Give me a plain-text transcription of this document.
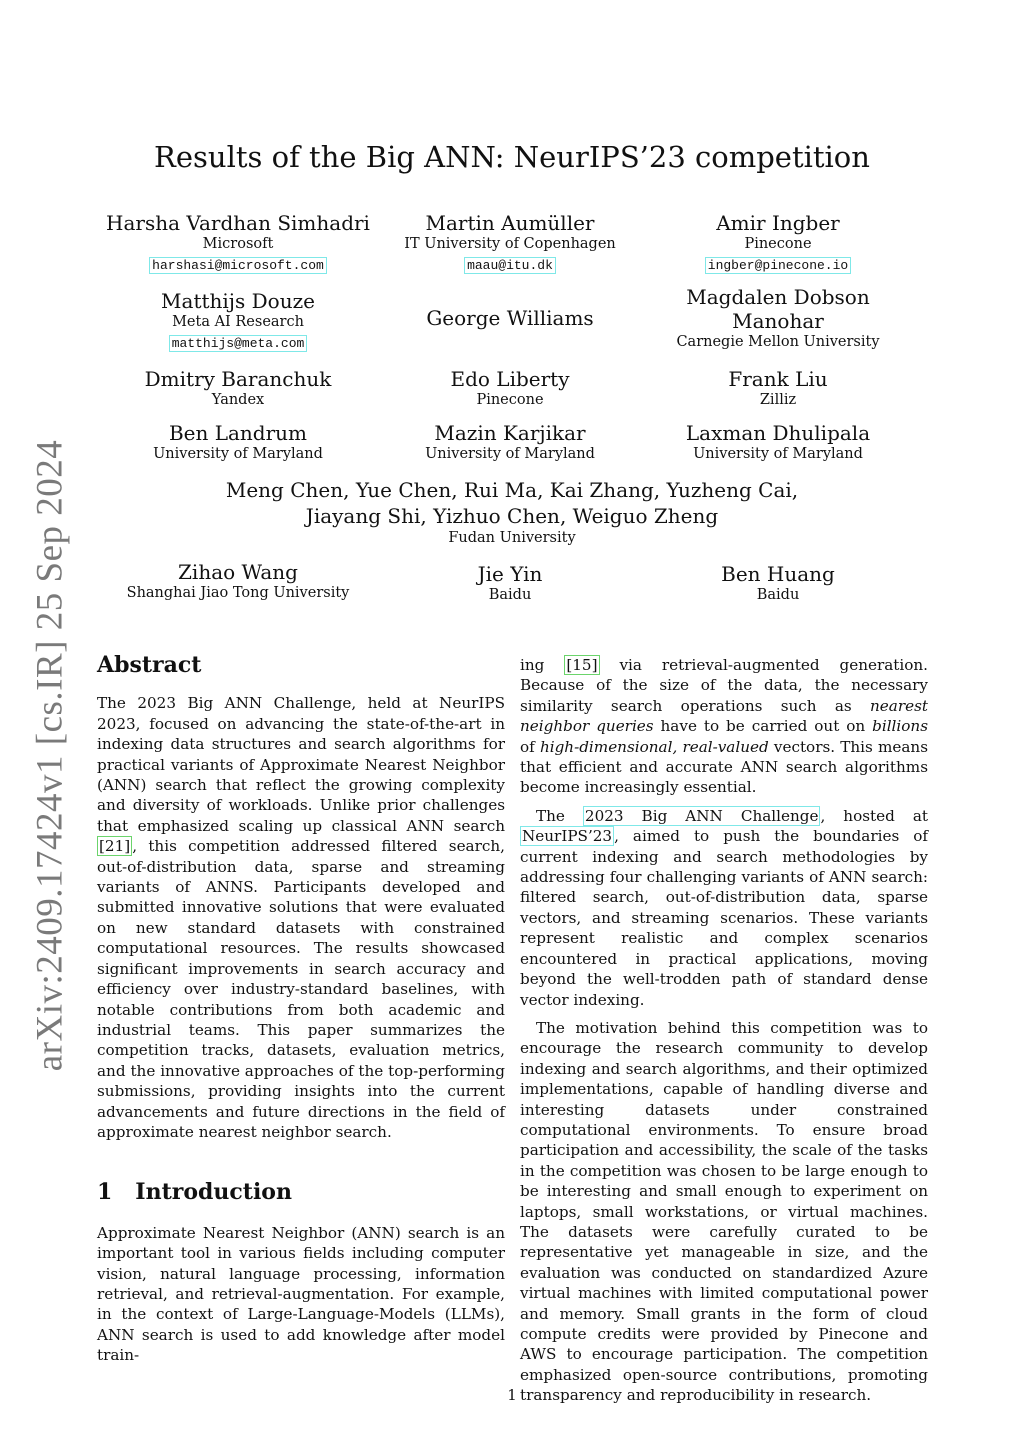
arXiv:2409.17424v1 [cs.IR] 25 Sep 2024
Results of the Big ANN: NeurIPS’23 competition
Harsha Vardhan Simhadri
Microsoft
harshasi@microsoft.com
Martin Aumüller
IT University of Copenhagen
maau@itu.dk
Amir Ingber
Pinecone
ingber@pinecone.io
Matthijs Douze
Meta AI Research
matthijs@meta.com
George Williams
Magdalen Dobson
Manohar
Carnegie Mellon University
Dmitry Baranchuk
Yandex
Edo Liberty
Pinecone
Frank Liu
Zilliz
Ben Landrum
University of Maryland
Mazin Karjikar
University of Maryland
Laxman Dhulipala
University of Maryland
Meng Chen, Yue Chen, Rui Ma, Kai Zhang, Yuzheng Cai,
Jiayang Shi, Yizhuo Chen, Weiguo Zheng
Fudan University
Zihao Wang
Shanghai Jiao Tong University
Jie Yin
Baidu
Ben Huang
Baidu
Abstract

The 2023 Big ANN Challenge, held at NeurIPS 2023, focused on advancing the state-of-the-art in indexing data structures and search algorithms for practical variants of Approximate Nearest Neighbor (ANN) search that reflect the growing complexity and diversity of workloads. Unlike prior challenges that emphasized scaling up classical ANN search [21] , this competition addressed filtered search, out-of-distribution data, sparse and streaming variants of ANNS. Participants developed and submitted innovative solutions that were evaluated on new standard datasets with constrained computational resources. The results showcased significant improvements in search accuracy and efficiency over industry-standard baselines, with notable contributions from both academic and industrial teams. This paper summarizes the competition tracks, datasets, evaluation metrics, and the innovative approaches of the top-performing submissions, providing insights into the current advancements and future directions in the field of approximate nearest neighbor search.

1 Introduction

Approximate Nearest Neighbor (ANN) search is an important tool in various fields including computer vision, natural language processing, information retrieval, and retrieval-augmentation. For example, in the context of Large-Language-Models (LLMs), ANN search is used to add knowledge after model train-

ing [15] via retrieval-augmented generation. Because of the size of the data, the necessary similarity search operations such as nearest neighbor queries have to be carried out on billions of high-dimensional, real-valued vectors. This means that efficient and accurate ANN search algorithms become increasingly essential.

The 2023 Big ANN Challenge , hosted at NeurIPS’23 , aimed to push the boundaries of current indexing and search methodologies by addressing four challenging variants of ANN search: filtered search, out-of-distribution data, sparse vectors, and streaming scenarios. These variants represent realistic and complex scenarios encountered in practical applications, moving beyond the well-trodden path of standard dense vector indexing.

The motivation behind this competition was to encourage the research community to develop indexing and search algorithms, and their optimized implementations, capable of handling diverse and interesting datasets under constrained computational environments. To ensure broad participation and accessibility, the scale of the tasks in the competition was chosen to be large enough to be interesting and small enough to experiment on laptops, small workstations, or virtual machines. The datasets were carefully curated to be representative yet manageable in size, and the evaluation was conducted on standardized Azure virtual machines with limited computational power and memory. Small grants in the form of cloud compute credits were provided by Pinecone and AWS to encourage participation. The competition emphasized open-source contributions, promoting transparency and reproducibility in research.

1
